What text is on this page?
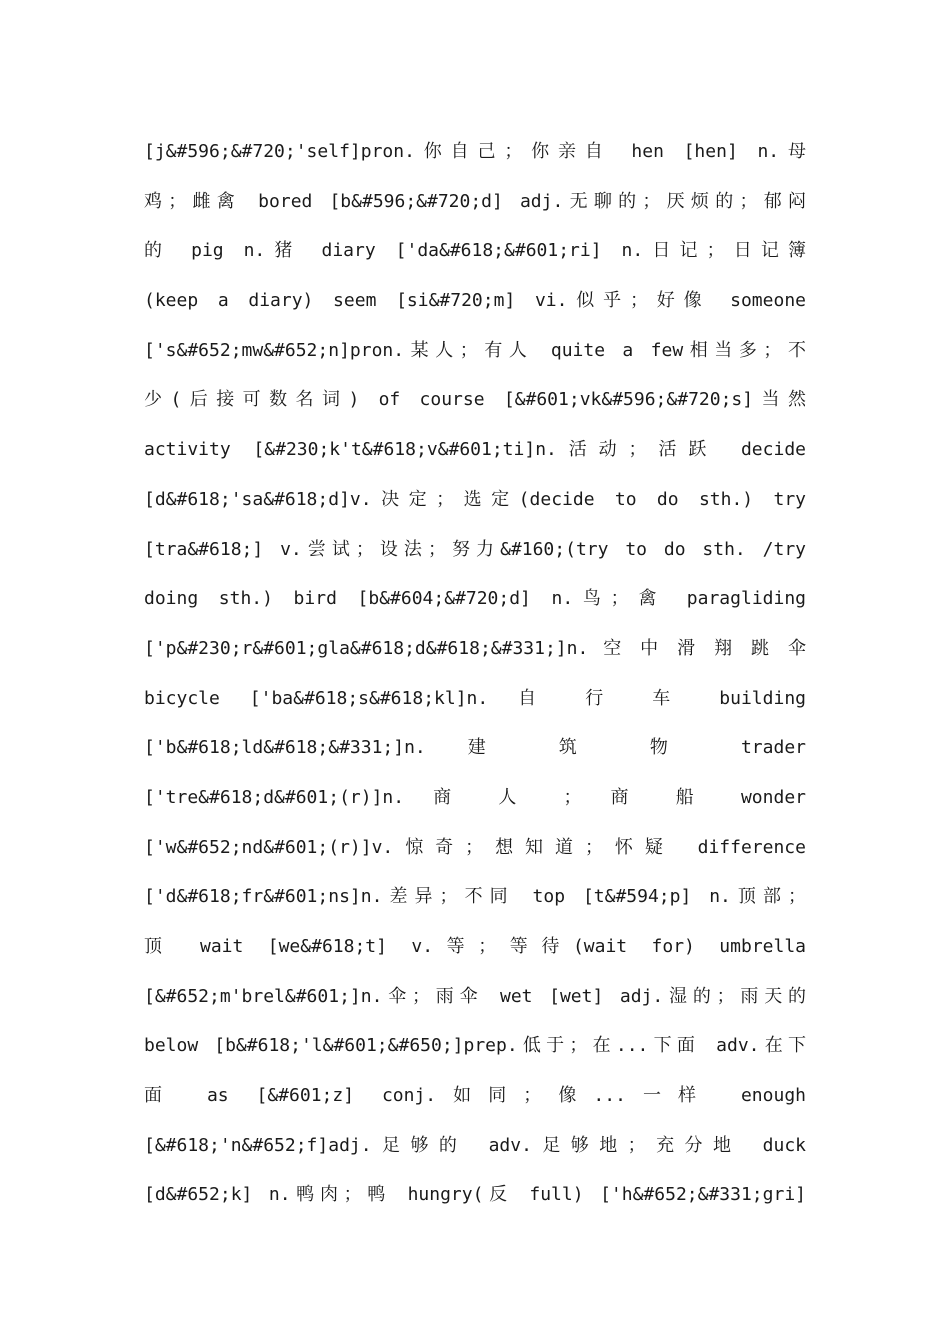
[j&#596;&#720;'self]pron.你自己；你亲自 hen [hen] n.母
鸡；雌禽 bored [b&#596;&#720;d] adj.无聊的；厌烦的；郁闷
的 pig n.猪 diary ['da&#618;&#601;ri] n.日记；日记簿
(keep a diary) seem [si&#720;m] vi.似乎；好像 someone
['s&#652;mw&#652;n]pron.某人；有人 quite a few相当多；不
少(后接可数名词) of course [&#601;vk&#596;&#720;s]当然
activity [&#230;k't&#618;v&#601;ti]n.活动；活跃 decide
[d&#618;'sa&#618;d]v.决定；选定(decide to do sth.) try
[tra&#618;] v.尝试；设法；努力&#160;(try to do sth. /try
doing sth.) bird [b&#604;&#720;d] n.鸟；禽 paragliding
['p&#230;r&#601;gla&#618;d&#618;&#331;]n. 空 中 滑 翔 跳 伞
bicycle ['ba&#618;s&#618;kl]n. 自 行 车 building
['b&#618;ld&#618;&#331;]n. 建 筑 物 trader
['tre&#618;d&#601;(r)]n. 商 人 ； 商 船 wonder
['w&#652;nd&#601;(r)]v.惊奇；想知道；怀疑 difference
['d&#618;fr&#601;ns]n.差异；不同 top [t&#594;p] n.顶部；
顶 wait [we&#618;t] v.等；等待(wait for) umbrella
[&#652;m'brel&#601;]n.伞；雨伞 wet [wet] adj.湿的；雨天的
below [b&#618;'l&#601;&#650;]prep.低于；在...下面 adv.在下
面 as [&#601;z] conj.如同；像...一样 enough
[&#618;'n&#652;f]adj.足够的 adv.足够地；充分地 duck
[d&#652;k] n.鸭肉；鸭 hungry(反 full) ['h&#652;&#331;gri]
